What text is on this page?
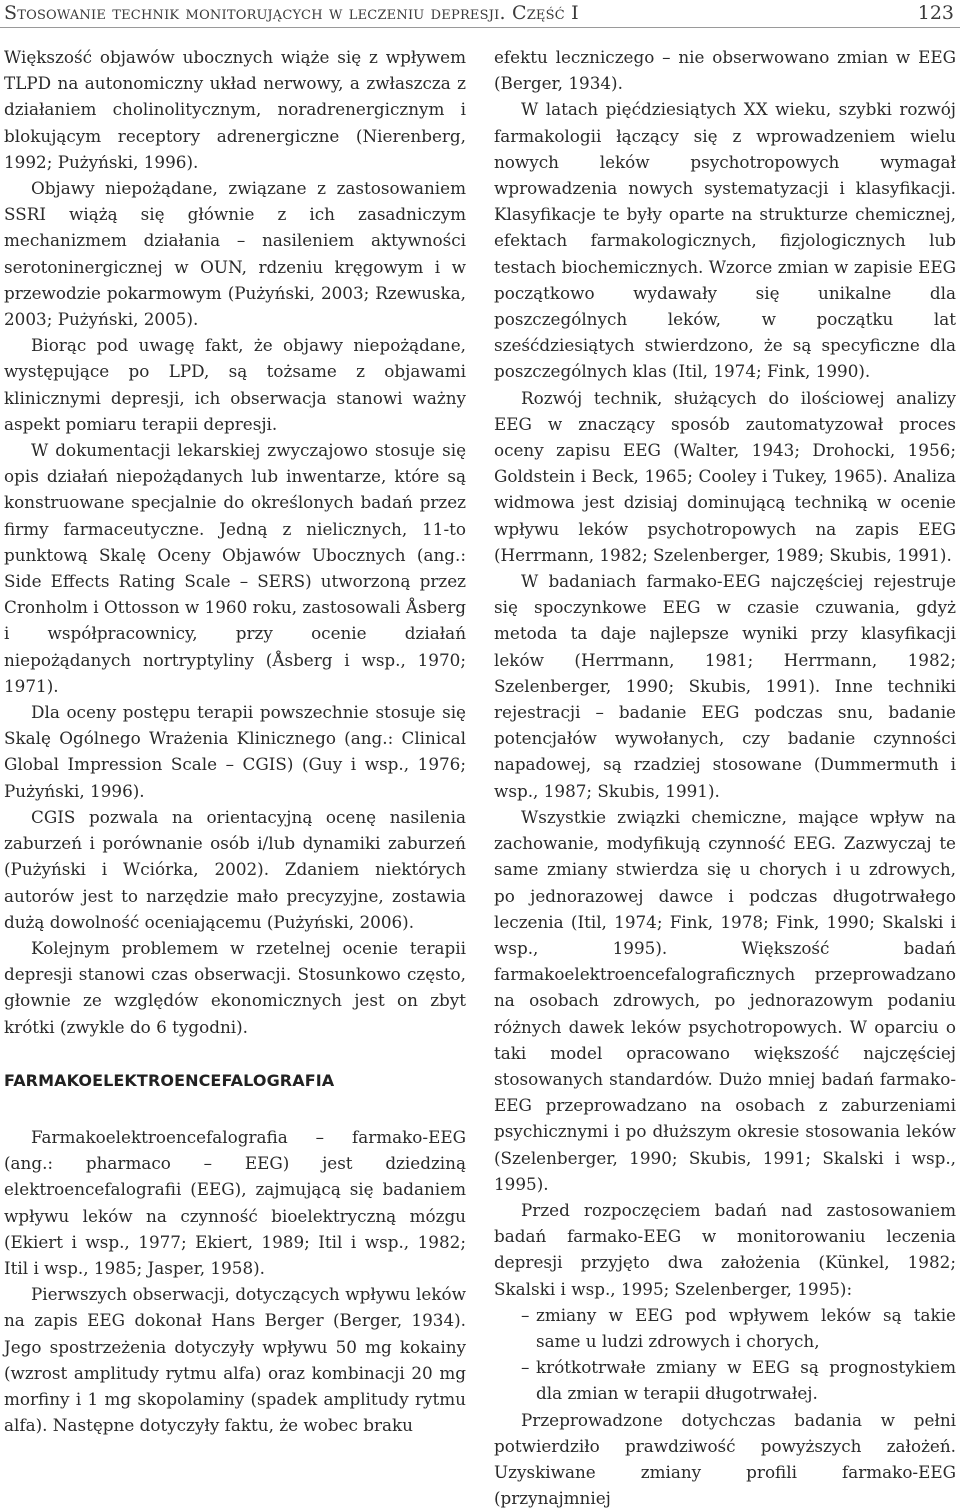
Stosowanie technik monitorujących w leczeniu depresji. Część I	123

Większość objawów ubocznych wiąże się z wpływem TLPD na autonomiczny układ nerwowy, a zwłaszcza z działaniem cholinolitycznym, noradrenergicznym i blokującym receptory adrenergiczne (Nierenberg, 1992; Pużyński, 1996).

Objawy niepożądane, związane z zastosowaniem SSRI wiążą się głównie z ich zasadniczym mechanizmem działania – nasileniem aktywności serotoninergicznej w OUN, rdzeniu kręgowym i w przewodzie pokarmowym (Pużyński, 2003; Rzewuska, 2003; Pużyński, 2005).

Biorąc pod uwagę fakt, że objawy niepożądane, występujące po LPD, są tożsame z objawami klinicznymi depresji, ich obserwacja stanowi ważny aspekt pomiaru terapii depresji.

W dokumentacji lekarskiej zwyczajowo stosuje się opis działań niepożądanych lub inwentarze, które są konstruowane specjalnie do określonych badań przez firmy farmaceutyczne. Jedną z nielicznych, 11-to punktową Skalę Oceny Objawów Ubocznych (ang.: Side Effects Rating Scale – SERS) utworzoną przez Cronholm i Ottosson w 1960 roku, zastosowali Åsberg i współpracownicy, przy ocenie działań niepożądanych nortryptyliny (Åsberg i wsp., 1970; 1971).

Dla oceny postępu terapii powszechnie stosuje się Skalę Ogólnego Wrażenia Klinicznego (ang.: Clinical Global Impression Scale – CGIS) (Guy i wsp., 1976; Pużyński, 1996).

CGIS pozwala na orientacyjną ocenę nasilenia zaburzeń i porównanie osób i/lub dynamiki zaburzeń (Pużyński i Wciórka, 2002). Zdaniem niektórych autorów jest to narzędzie mało precyzyjne, zostawia dużą dowolność oceniającemu (Pużyński, 2006).

Kolejnym problemem w rzetelnej ocenie terapii depresji stanowi czas obserwacji. Stosunkowo często, głownie ze względów ekonomicznych jest on zbyt krótki (zwykle do 6 tygodni).

FARMAKOELEKTROENCEFALOGRAFIA

Farmakoelektroencefalografia – farmako-EEG (ang.: pharmaco – EEG) jest dziedziną elektroencefalografii (EEG), zajmującą się badaniem wpływu leków na czynność bioelektryczną mózgu (Ekiert i wsp., 1977; Ekiert, 1989; Itil i wsp., 1982; Itil i wsp., 1985; Jasper, 1958).

Pierwszych obserwacji, dotyczących wpływu leków na zapis EEG dokonał Hans Berger (Berger, 1934). Jego spostrzeżenia dotyczyły wpływu 50 mg kokainy (wzrost amplitudy rytmu alfa) oraz kombinacji 20 mg morfiny i 1 mg skopolaminy (spadek amplitudy rytmu alfa). Następne dotyczyły faktu, że wobec braku

efektu leczniczego – nie obserwowano zmian w EEG (Berger, 1934).

W latach pięćdziesiątych XX wieku, szybki rozwój farmakologii łączący się z wprowadzeniem wielu nowych leków psychotropowych wymagał wprowadzenia nowych systematyzacji i klasyfikacji. Klasyfikacje te były oparte na strukturze chemicznej, efektach farmakologicznych, fizjologicznych lub testach biochemicznych. Wzorce zmian w zapisie EEG początkowo wydawały się unikalne dla poszczególnych leków, w początku lat sześćdziesiątych stwierdzono, że są specyficzne dla poszczególnych klas (Itil, 1974; Fink, 1990).

Rozwój technik, służących do ilościowej analizy EEG w znaczący sposób zautomatyzował proces oceny zapisu EEG (Walter, 1943; Drohocki, 1956; Goldstein i Beck, 1965; Cooley i Tukey, 1965). Analiza widmowa jest dzisiaj dominującą techniką w ocenie wpływu leków psychotropowych na zapis EEG (Herrmann, 1982; Szelenberger, 1989; Skubis, 1991).

W badaniach farmako-EEG najczęściej rejestruje się spoczynkowe EEG w czasie czuwania, gdyż metoda ta daje najlepsze wyniki przy klasyfikacji leków (Herrmann, 1981; Herrmann, 1982; Szelenberger, 1990; Skubis, 1991). Inne techniki rejestracji – badanie EEG podczas snu, badanie potencjałów wywołanych, czy badanie czynności napadowej, są rzadziej stosowane (Dummermuth i wsp., 1987; Skubis, 1991).

Wszystkie związki chemiczne, mające wpływ na zachowanie, modyfikują czynność EEG. Zazwyczaj te same zmiany stwierdza się u chorych i u zdrowych, po jednorazowej dawce i podczas długotrwałego leczenia (Itil, 1974; Fink, 1978; Fink, 1990; Skalski i wsp., 1995). Większość badań farmakoelektroencefalograficznych przeprowadzano na osobach zdrowych, po jednorazowym podaniu różnych dawek leków psychotropowych. W oparciu o taki model opracowano większość najczęściej stosowanych standardów. Dużo mniej badań farmako-EEG przeprowadzano na osobach z zaburzeniami psychicznymi i po dłuższym okresie stosowania leków (Szelenberger, 1990; Skubis, 1991; Skalski i wsp., 1995).

Przed rozpoczęciem badań nad zastosowaniem badań farmako-EEG w monitorowaniu leczenia depresji przyjęto dwa założenia (Künkel, 1982; Skalski i wsp., 1995; Szelenberger, 1995):

– zmiany w EEG pod wpływem leków są takie same u ludzi zdrowych i chorych,
– krótkotrwałe zmiany w EEG są prognostykiem dla zmian w terapii długotrwałej.

Przeprowadzone dotychczas badania w pełni potwierdziło prawdziwość powyższych założeń. Uzyskiwane zmiany profili farmako-EEG (przynajmniej
